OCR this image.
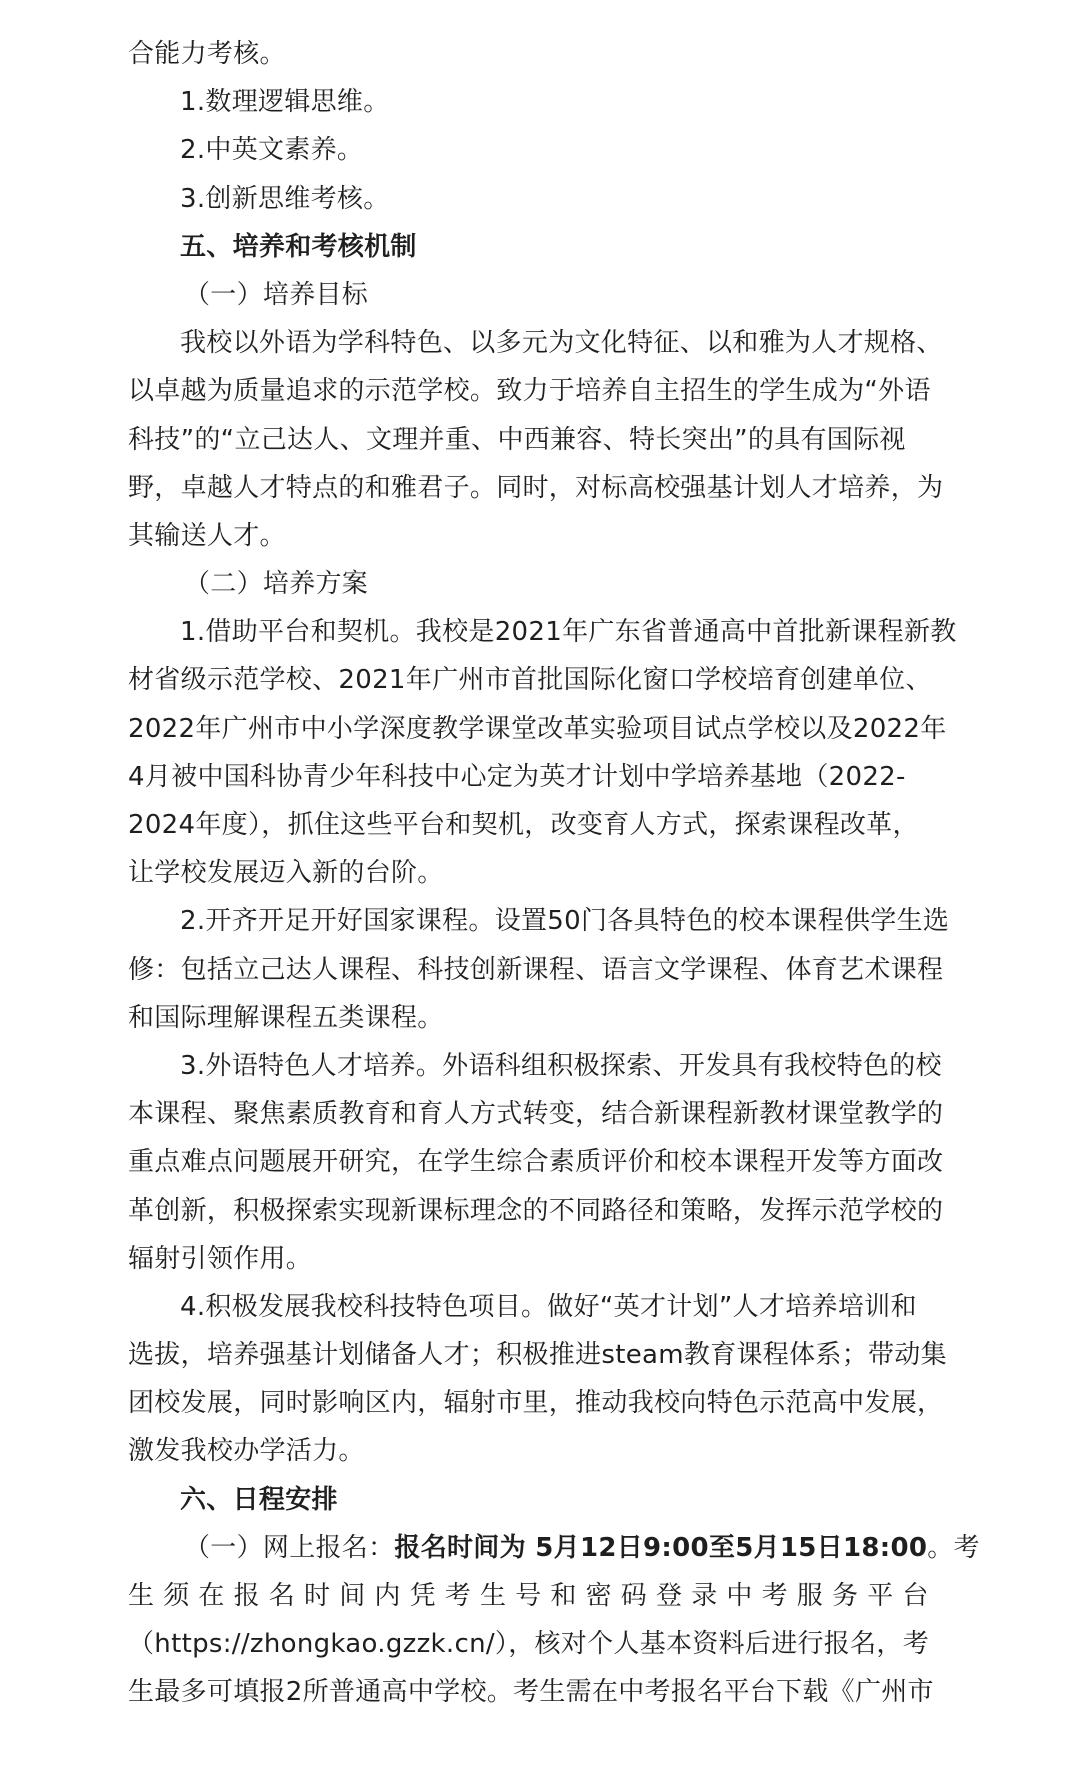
合能力考核。
1.数理逻辑思维。
2.中英文素养。
3.创新思维考核。
五、培养和考核机制
（一）培养目标
我校以外语为学科特色、以多元为文化特征、以和雅为人才规格、
以卓越为质量追求的示范学校。致力于培养自主招生的学生成为“外语
科技”的“立己达人、文理并重、中西兼容、特长突出”的具有国际视
野，卓越人才特点的和雅君子。同时，对标高校强基计划人才培养，为
其输送人才。
（二）培养方案
1.借助平台和契机。我校是2021年广东省普通高中首批新课程新教
材省级示范学校、2021年广州市首批国际化窗口学校培育创建单位、
2022年广州市中小学深度教学课堂改革实验项目试点学校以及2022年
4月被中国科协青少年科技中心定为英才计划中学培养基地（2022-
2024年度），抓住这些平台和契机，改变育人方式，探索课程改革，
让学校发展迈入新的台阶。
2.开齐开足开好国家课程。设置50门各具特色的校本课程供学生选
修：包括立己达人课程、科技创新课程、语言文学课程、体育艺术课程
和国际理解课程五类课程。
3.外语特色人才培养。外语科组积极探索、开发具有我校特色的校
本课程、聚焦素质教育和育人方式转变，结合新课程新教材课堂教学的
重点难点问题展开研究，在学生综合素质评价和校本课程开发等方面改
革创新，积极探索实现新课标理念的不同路径和策略，发挥示范学校的
辐射引领作用。
4.积极发展我校科技特色项目。做好“英才计划”人才培养培训和
选拔，培养强基计划储备人才；积极推进steam教育课程体系；带动集
团校发展，同时影响区内，辐射市里，推动我校向特色示范高中发展，
激发我校办学活力。
六、日程安排
（一）网上报名：报名时间为 5月12日9:00至5月15日18:00。考
生须在报名时间内凭考生号和密码登录中考服务平台
（https://zhongkao.gzzk.cn/），核对个人基本资料后进行报名，考
生最多可填报2所普通高中学校。考生需在中考报名平台下载《广州市
